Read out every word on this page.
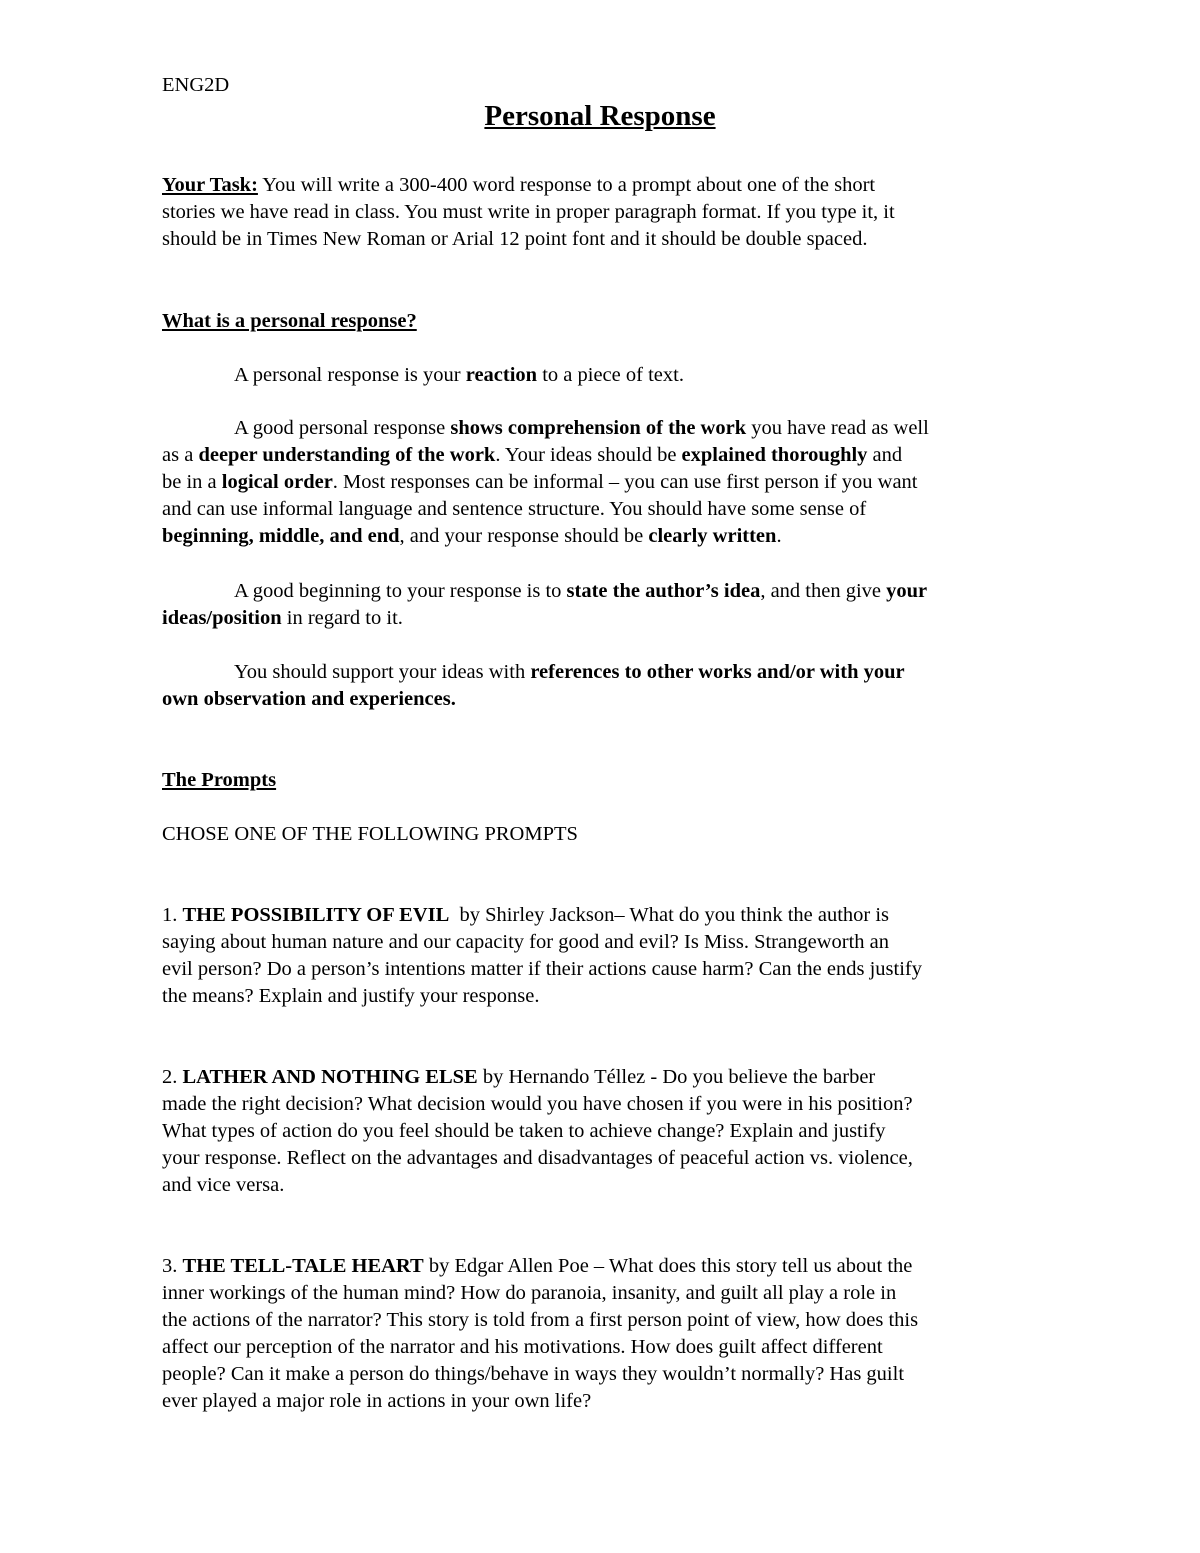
ENG2D
Personal Response
Your Task: You will write a 300-400 word response to a prompt about one of the short
stories we have read in class. You must write in proper paragraph format. If you type it, it
should be in Times New Roman or Arial 12 point font and it should be double spaced.
What is a personal response?
A personal response is your reaction to a piece of text.
A good personal response shows comprehension of the work you have read as well
as a deeper understanding of the work. Your ideas should be explained thoroughly and
be in a logical order. Most responses can be informal – you can use first person if you want
and can use informal language and sentence structure. You should have some sense of
beginning, middle, and end, and your response should be clearly written.
A good beginning to your response is to state the author’s idea, and then give your
ideas/position in regard to it.
You should support your ideas with references to other works and/or with your
own observation and experiences.
The Prompts
CHOSE ONE OF THE FOLLOWING PROMPTS
1. THE POSSIBILITY OF EVIL  by Shirley Jackson– What do you think the author is
saying about human nature and our capacity for good and evil? Is Miss. Strangeworth an
evil person? Do a person’s intentions matter if their actions cause harm? Can the ends justify
the means? Explain and justify your response.
2. LATHER AND NOTHING ELSE by Hernando Téllez - Do you believe the barber
made the right decision? What decision would you have chosen if you were in his position?
What types of action do you feel should be taken to achieve change? Explain and justify
your response. Reflect on the advantages and disadvantages of peaceful action vs. violence,
and vice versa.
3. THE TELL-TALE HEART by Edgar Allen Poe – What does this story tell us about the
inner workings of the human mind? How do paranoia, insanity, and guilt all play a role in
the actions of the narrator? This story is told from a first person point of view, how does this
affect our perception of the narrator and his motivations. How does guilt affect different
people? Can it make a person do things/behave in ways they wouldn’t normally? Has guilt
ever played a major role in actions in your own life?
